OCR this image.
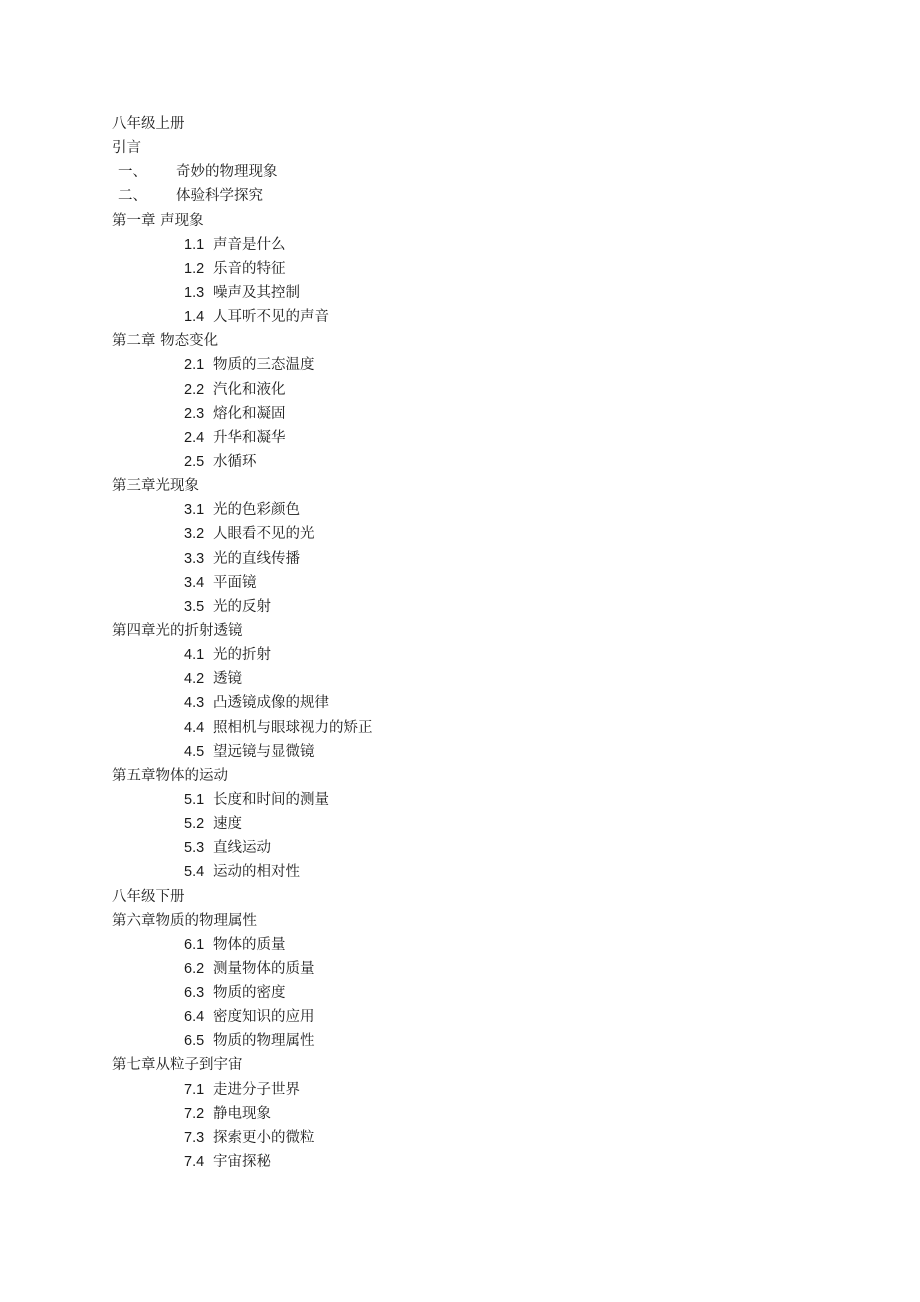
八年级上册
引言
一、 奇妙的物理现象
二、 体验科学探究
第一章 声现象
1.1 声音是什么
1.2 乐音的特征
1.3 噪声及其控制
1.4 人耳听不见的声音
第二章 物态变化
2.1 物质的三态温度
2.2 汽化和液化
2.3 熔化和凝固
2.4 升华和凝华
2.5 水循环
第三章光现象
3.1 光的色彩颜色
3.2 人眼看不见的光
3.3 光的直线传播
3.4 平面镜
3.5 光的反射
第四章光的折射透镜
4.1 光的折射
4.2 透镜
4.3 凸透镜成像的规律
4.4 照相机与眼球视力的矫正
4.5 望远镜与显微镜
第五章物体的运动
5.1 长度和时间的测量
5.2 速度
5.3 直线运动
5.4 运动的相对性
八年级下册
第六章物质的物理属性
6.1 物体的质量
6.2 测量物体的质量
6.3 物质的密度
6.4 密度知识的应用
6.5 物质的物理属性
第七章从粒子到宇宙
7.1 走进分子世界
7.2 静电现象
7.3 探索更小的微粒
7.4 宇宙探秘
